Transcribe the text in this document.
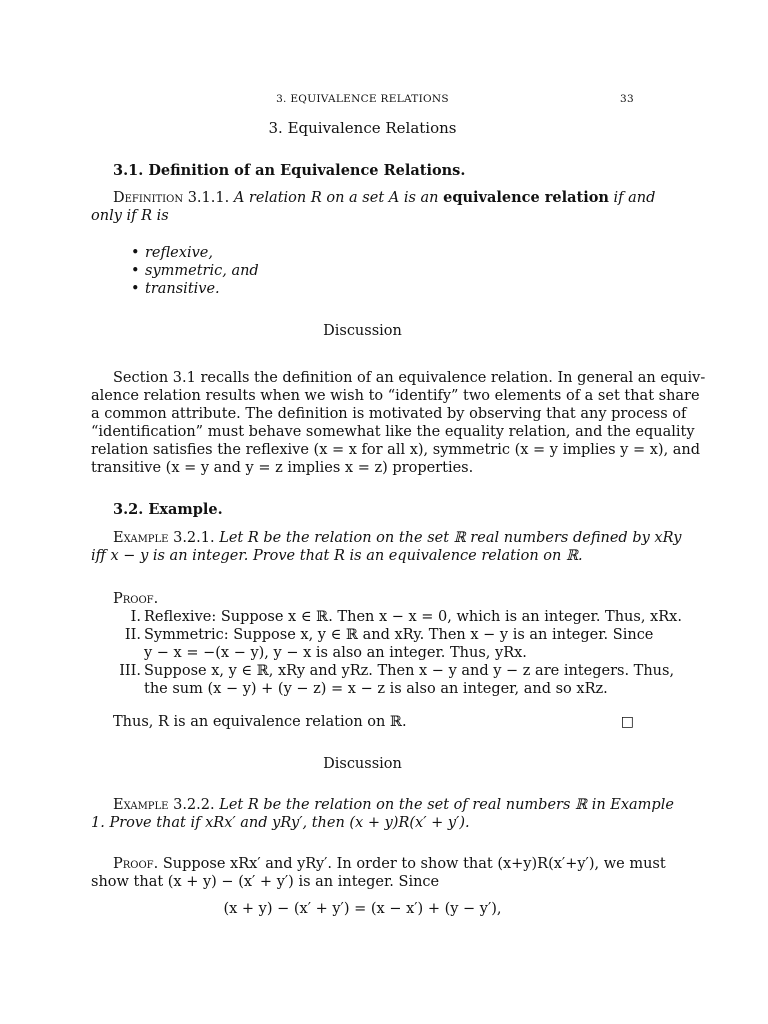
3. EQUIVALENCE RELATIONS	33
3. Equivalence Relations
3.1. Definition of an Equivalence Relations.
Definition 3.1.1. A relation R on a set A is an equivalence relation if and
only if R is
• reflexive,
• symmetric, and
• transitive.
Discussion
Section 3.1 recalls the definition of an equivalence relation. In general an equiv-
alence relation results when we wish to “identify” two elements of a set that share
a common attribute. The definition is motivated by observing that any process of
“identification” must behave somewhat like the equality relation, and the equality
relation satisfies the reflexive (x = x for all x), symmetric (x = y implies y = x), and
transitive (x = y and y = z implies x = z) properties.
3.2. Example.
Example 3.2.1. Let R be the relation on the set ℝ real numbers defined by xRy
iff x − y is an integer. Prove that R is an equivalence relation on ℝ.
Proof.
I. Reflexive: Suppose x ∈ ℝ. Then x − x = 0, which is an integer. Thus, xRx.
II. Symmetric: Suppose x, y ∈ ℝ and xRy. Then x − y is an integer. Since
y − x = −(x − y), y − x is also an integer. Thus, yRx.
III. Suppose x, y ∈ ℝ, xRy and yRz. Then x − y and y − z are integers. Thus,
the sum (x − y) + (y − z) = x − z is also an integer, and so xRz.
Thus, R is an equivalence relation on ℝ.	□
Discussion
Example 3.2.2. Let R be the relation on the set of real numbers ℝ in Example
1. Prove that if xRx′ and yRy′, then (x + y)R(x′ + y′).
Proof. Suppose xRx′ and yRy′. In order to show that (x+y)R(x′+y′), we must
show that (x + y) − (x′ + y′) is an integer. Since
(x + y) − (x′ + y′) = (x − x′) + (y − y′),
